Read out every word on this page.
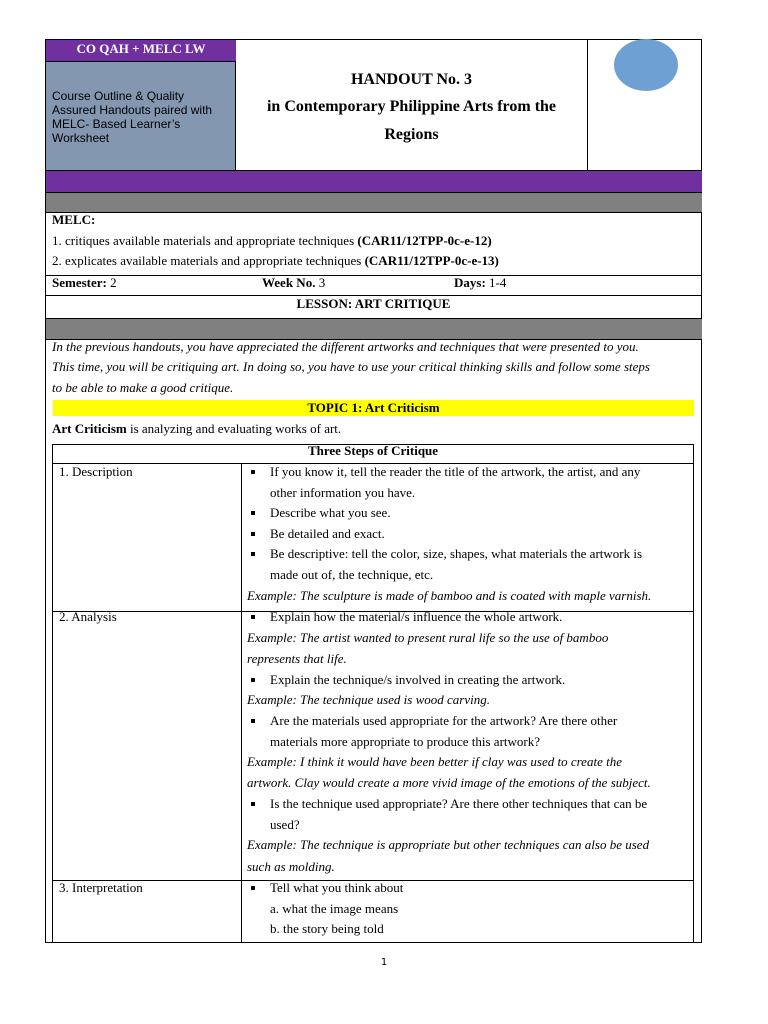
CO QAH + MELC LW
Course Outline & Quality
Assured Handouts paired with
MELC- Based Learner’s
Worksheet
HANDOUT No. 3
in Contemporary Philippine Arts from the
Regions
MELC:
1. critiques available materials and appropriate techniques (CAR11/12TPP-0c-e-12)
2. explicates available materials and appropriate techniques (CAR11/12TPP-0c-e-13)
Semester: 2	Week No. 3	Days: 1-4
LESSON: ART CRITIQUE
In the previous handouts, you have appreciated the different artworks and techniques that were presented to you.
This time, you will be critiquing art. In doing so, you have to use your critical thinking skills and follow some steps
to be able to make a good critique.
TOPIC 1: Art Criticism
Art Criticism is analyzing and evaluating works of art.
Three Steps of Critique
1. Description	If you know it, tell the reader the title of the artwork, the artist, and any
other information you have.
Describe what you see.
Be detailed and exact.
Be descriptive: tell the color, size, shapes, what materials the artwork is
made out of, the technique, etc.
Example: The sculpture is made of bamboo and is coated with maple varnish.
2. Analysis	Explain how the material/s influence the whole artwork.
Example: The artist wanted to present rural life so the use of bamboo
represents that life.
Explain the technique/s involved in creating the artwork.
Example: The technique used is wood carving.
Are the materials used appropriate for the artwork? Are there other
materials more appropriate to produce this artwork?
Example: I think it would have been better if clay was used to create the
artwork. Clay would create a more vivid image of the emotions of the subject.
Is the technique used appropriate? Are there other techniques that can be
used?
Example: The technique is appropriate but other techniques can also be used
such as molding.
3. Interpretation	Tell what you think about
a. what the image means
b. the story being told
1
